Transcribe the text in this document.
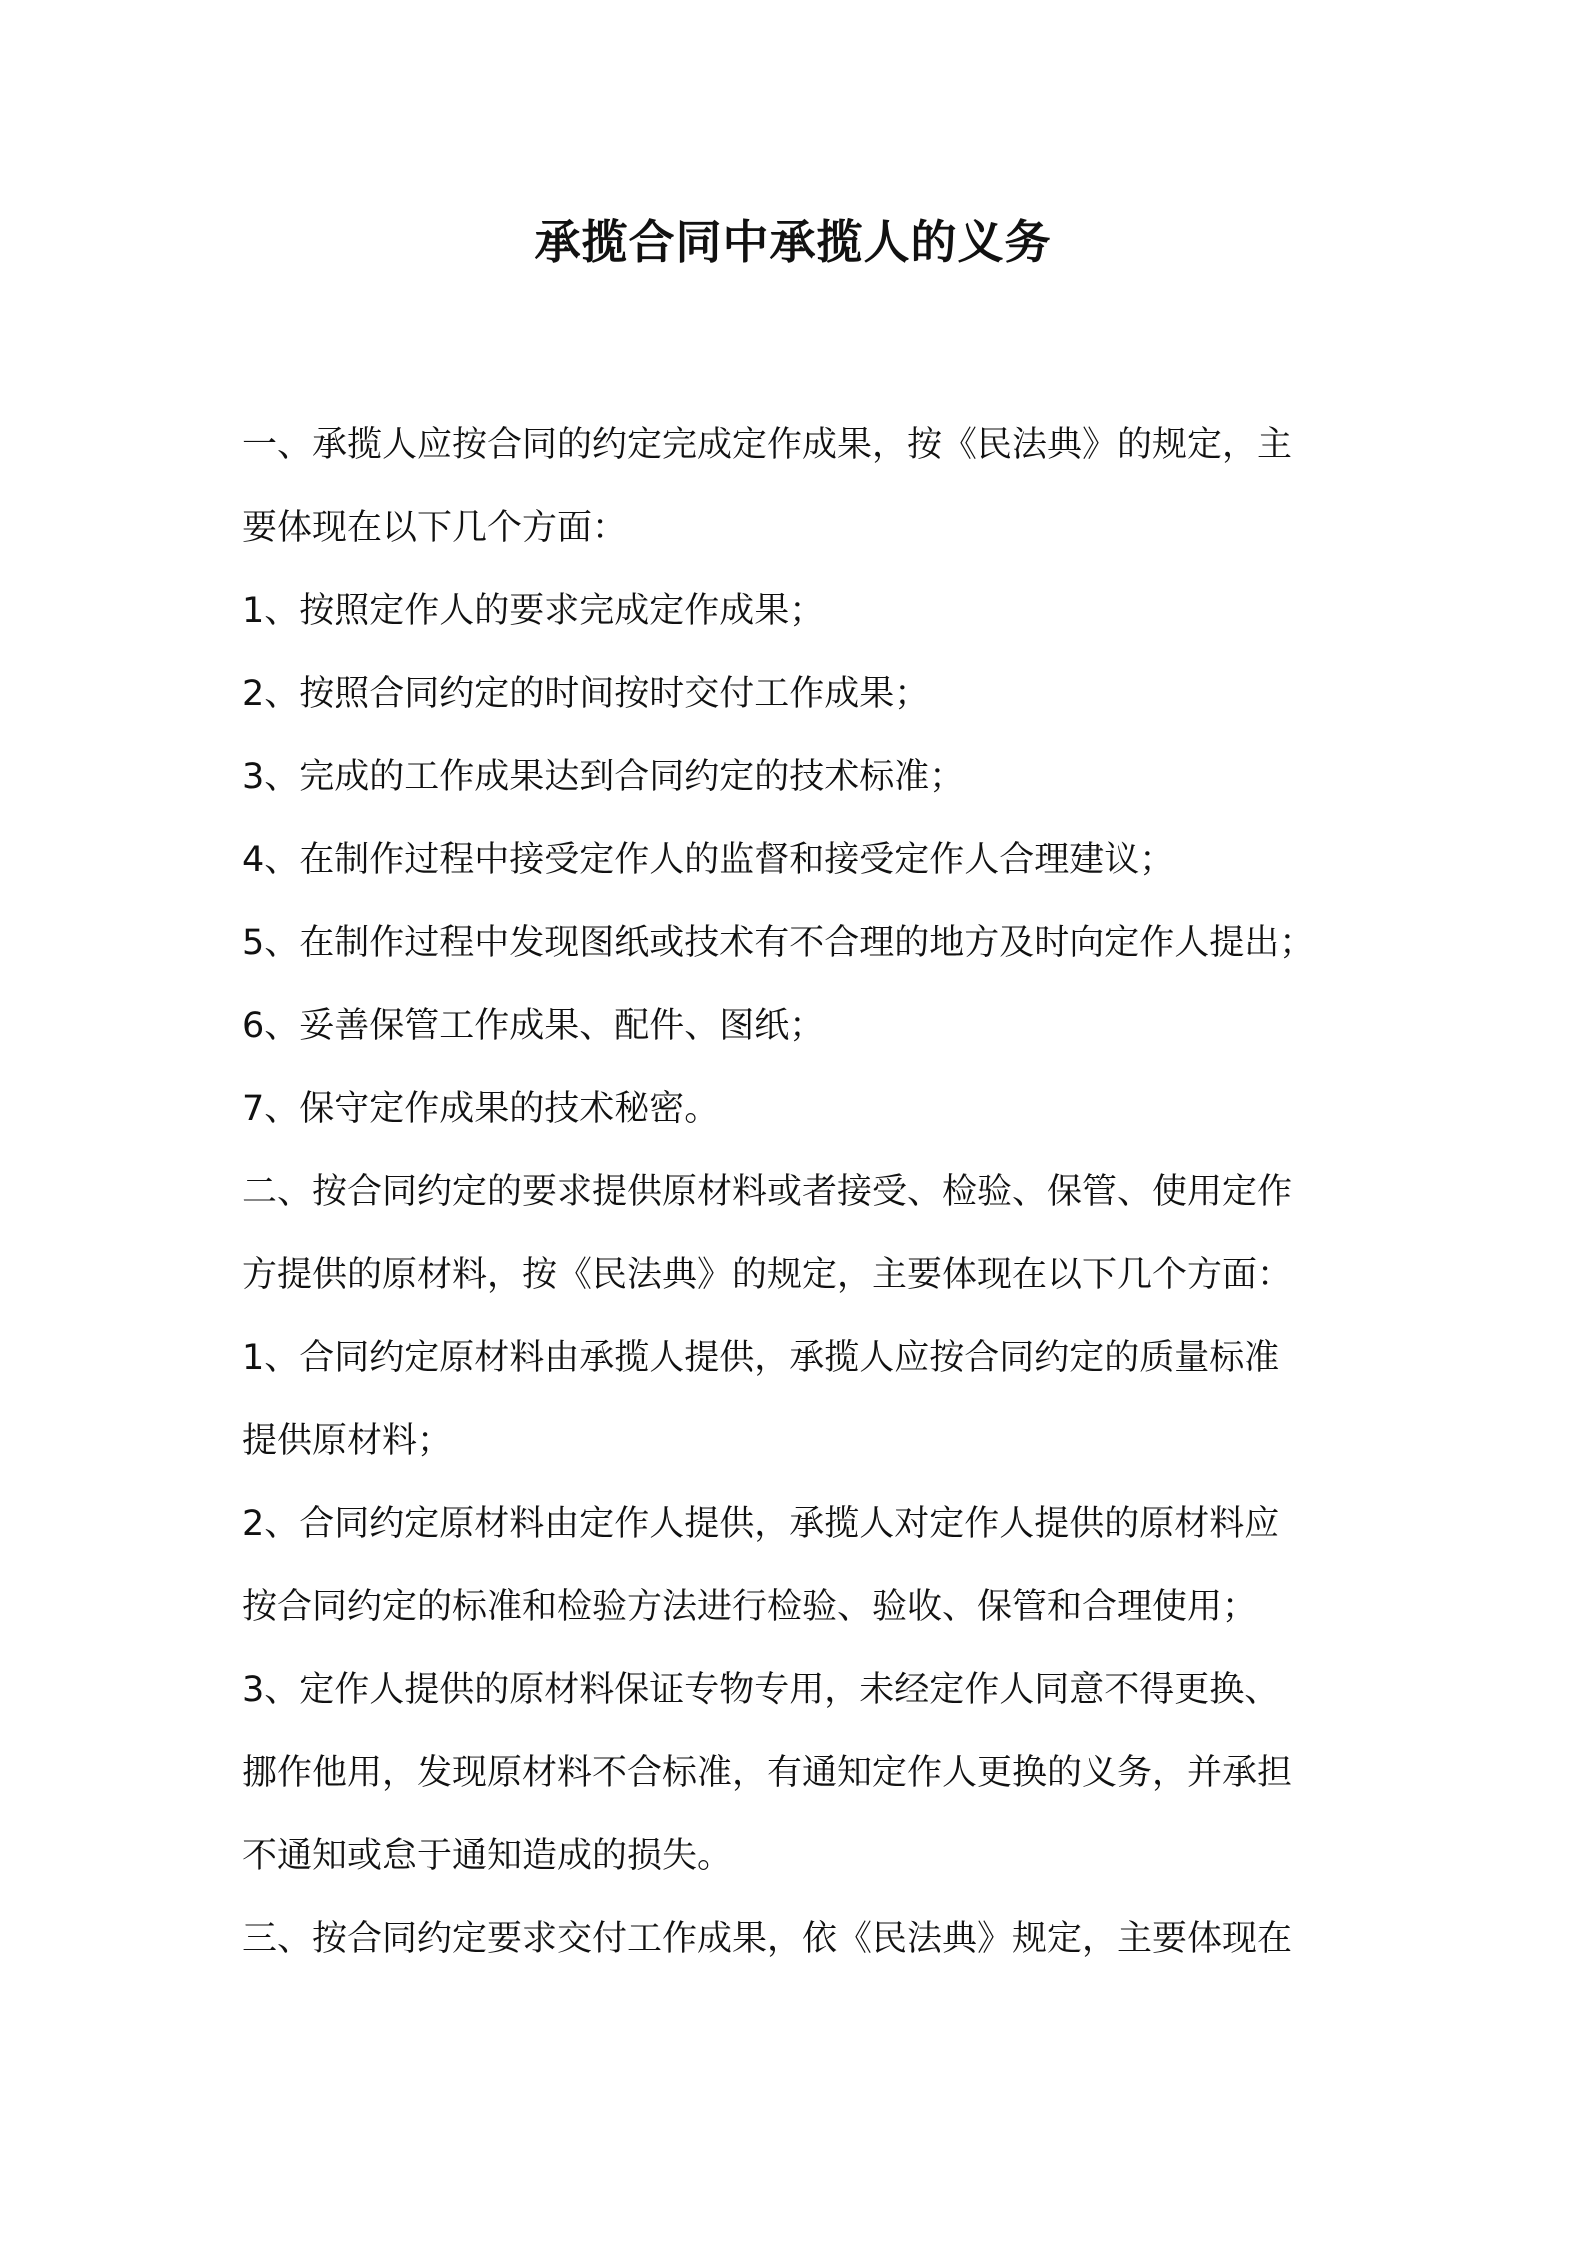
承揽合同中承揽人的义务
一、承揽人应按合同的约定完成定作成果，按《民法典》的规定，主
要体现在以下几个方面：
1、按照定作人的要求完成定作成果；
2、按照合同约定的时间按时交付工作成果；
3、完成的工作成果达到合同约定的技术标准；
4、在制作过程中接受定作人的监督和接受定作人合理建议；
5、在制作过程中发现图纸或技术有不合理的地方及时向定作人提出；
6、妥善保管工作成果、配件、图纸；
7、保守定作成果的技术秘密。
二、按合同约定的要求提供原材料或者接受、检验、保管、使用定作
方提供的原材料，按《民法典》的规定，主要体现在以下几个方面：
1、合同约定原材料由承揽人提供，承揽人应按合同约定的质量标准
提供原材料；
2、合同约定原材料由定作人提供，承揽人对定作人提供的原材料应
按合同约定的标准和检验方法进行检验、验收、保管和合理使用；
3、定作人提供的原材料保证专物专用，未经定作人同意不得更换、
挪作他用，发现原材料不合标准，有通知定作人更换的义务，并承担
不通知或怠于通知造成的损失。
三、按合同约定要求交付工作成果，依《民法典》规定，主要体现在
